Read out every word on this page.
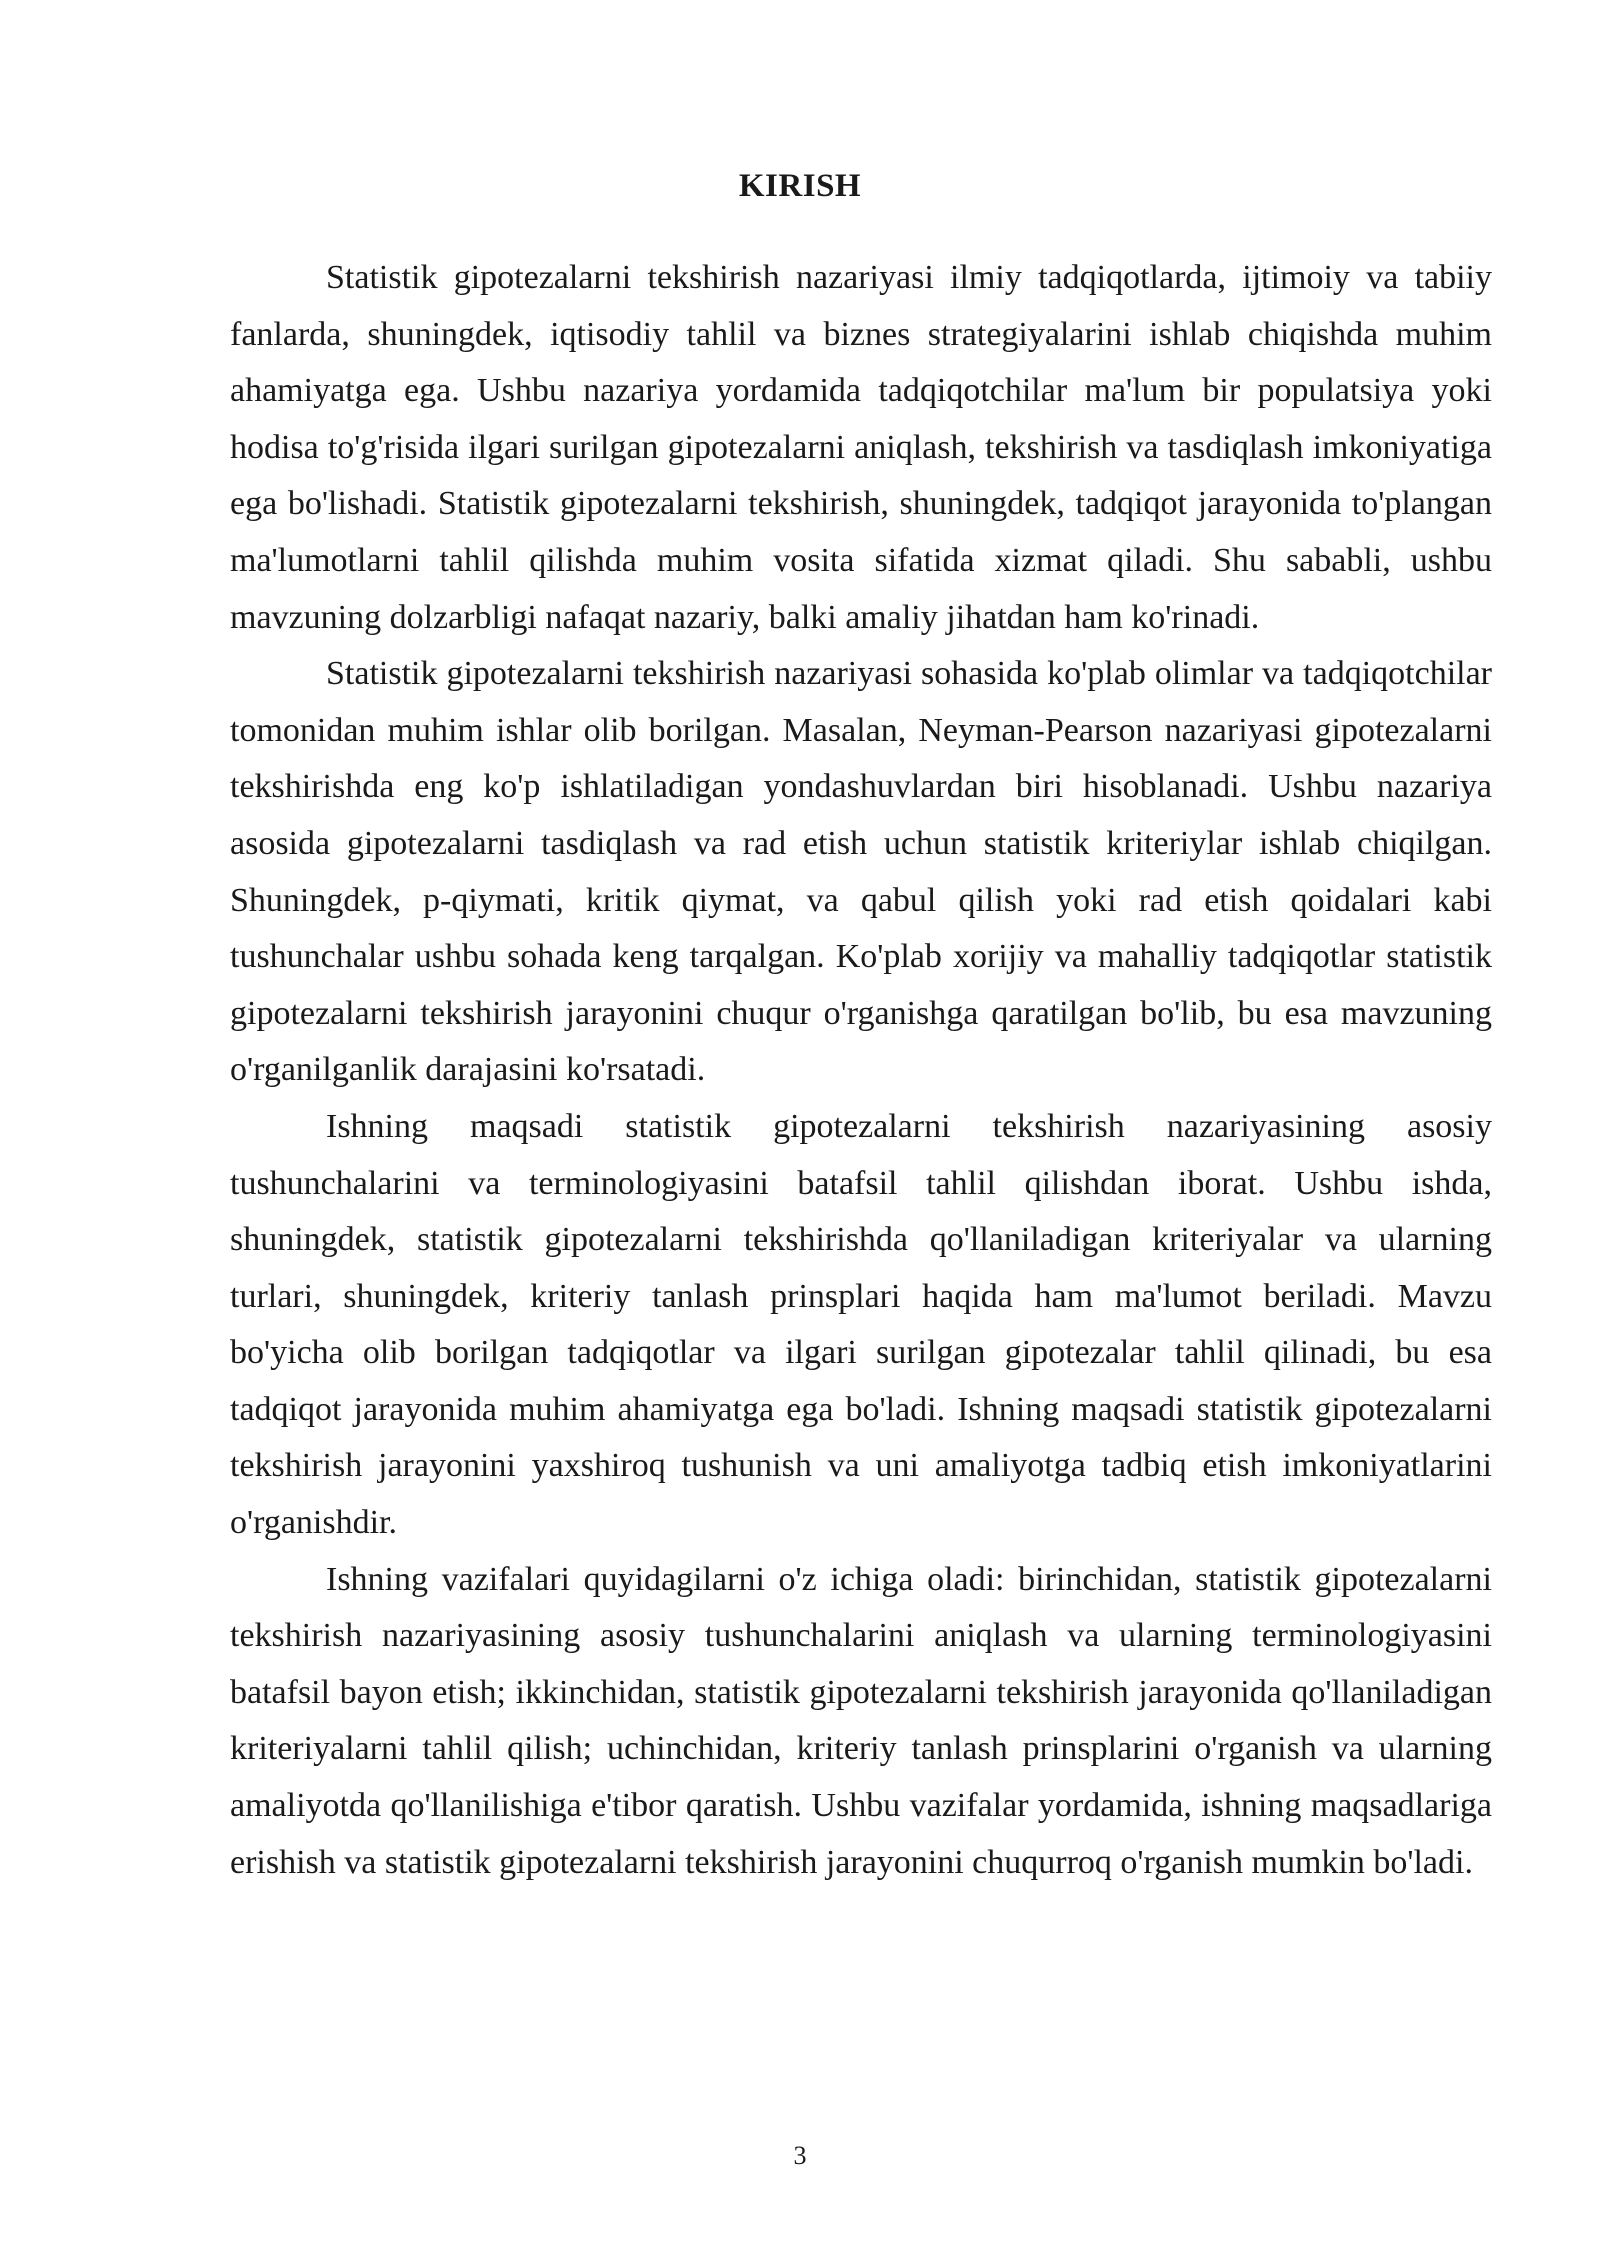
KIRISH

Statistik gipotezalarni tekshirish nazariyasi ilmiy tadqiqotlarda, ijtimoiy va tabiiy fanlarda, shuningdek, iqtisodiy tahlil va biznes strategiyalarini ishlab chiqishda muhim ahamiyatga ega. Ushbu nazariya yordamida tadqiqotchilar ma'lum bir populatsiya yoki hodisa to'g'risida ilgari surilgan gipotezalarni aniqlash, tekshirish va tasdiqlash imkoniyatiga ega bo'lishadi. Statistik gipotezalarni tekshirish, shuningdek, tadqiqot jarayonida to'plangan ma'lumotlarni tahlil qilishda muhim vosita sifatida xizmat qiladi. Shu sababli, ushbu mavzuning dolzarbligi nafaqat nazariy, balki amaliy jihatdan ham ko'rinadi.

Statistik gipotezalarni tekshirish nazariyasi sohasida ko'plab olimlar va tadqiqotchilar tomonidan muhim ishlar olib borilgan. Masalan, Neyman-Pearson nazariyasi gipotezalarni tekshirishda eng ko'p ishlatiladigan yondashuvlardan biri hisoblanadi. Ushbu nazariya asosida gipotezalarni tasdiqlash va rad etish uchun statistik kriteriylar ishlab chiqilgan. Shuningdek, p-qiymati, kritik qiymat, va qabul qilish yoki rad etish qoidalari kabi tushunchalar ushbu sohada keng tarqalgan. Ko'plab xorijiy va mahalliy tadqiqotlar statistik gipotezalarni tekshirish jarayonini chuqur o'rganishga qaratilgan bo'lib, bu esa mavzuning o'rganilganlik darajasini ko'rsatadi.

Ishning maqsadi statistik gipotezalarni tekshirish nazariyasining asosiy tushunchalarini va terminologiyasini batafsil tahlil qilishdan iborat. Ushbu ishda, shuningdek, statistik gipotezalarni tekshirishda qo'llaniladigan kriteriyalar va ularning turlari, shuningdek, kriteriy tanlash prinsplari haqida ham ma'lumot beriladi. Mavzu bo'yicha olib borilgan tadqiqotlar va ilgari surilgan gipotezalar tahlil qilinadi, bu esa tadqiqot jarayonida muhim ahamiyatga ega bo'ladi. Ishning maqsadi statistik gipotezalarni tekshirish jarayonini yaxshiroq tushunish va uni amaliyotga tadbiq etish imkoniyatlarini o'rganishdir.

Ishning vazifalari quyidagilarni o'z ichiga oladi: birinchidan, statistik gipotezalarni tekshirish nazariyasining asosiy tushunchalarini aniqlash va ularning terminologiyasini batafsil bayon etish; ikkinchidan, statistik gipotezalarni tekshirish jarayonida qo'llaniladigan kriteriyalarni tahlil qilish; uchinchidan, kriteriy tanlash prinsplarini o'rganish va ularning amaliyotda qo'llanilishiga e'tibor qaratish. Ushbu vazifalar yordamida, ishning maqsadlariga erishish va statistik gipotezalarni tekshirish jarayonini chuqurroq o'rganish mumkin bo'ladi.

3
